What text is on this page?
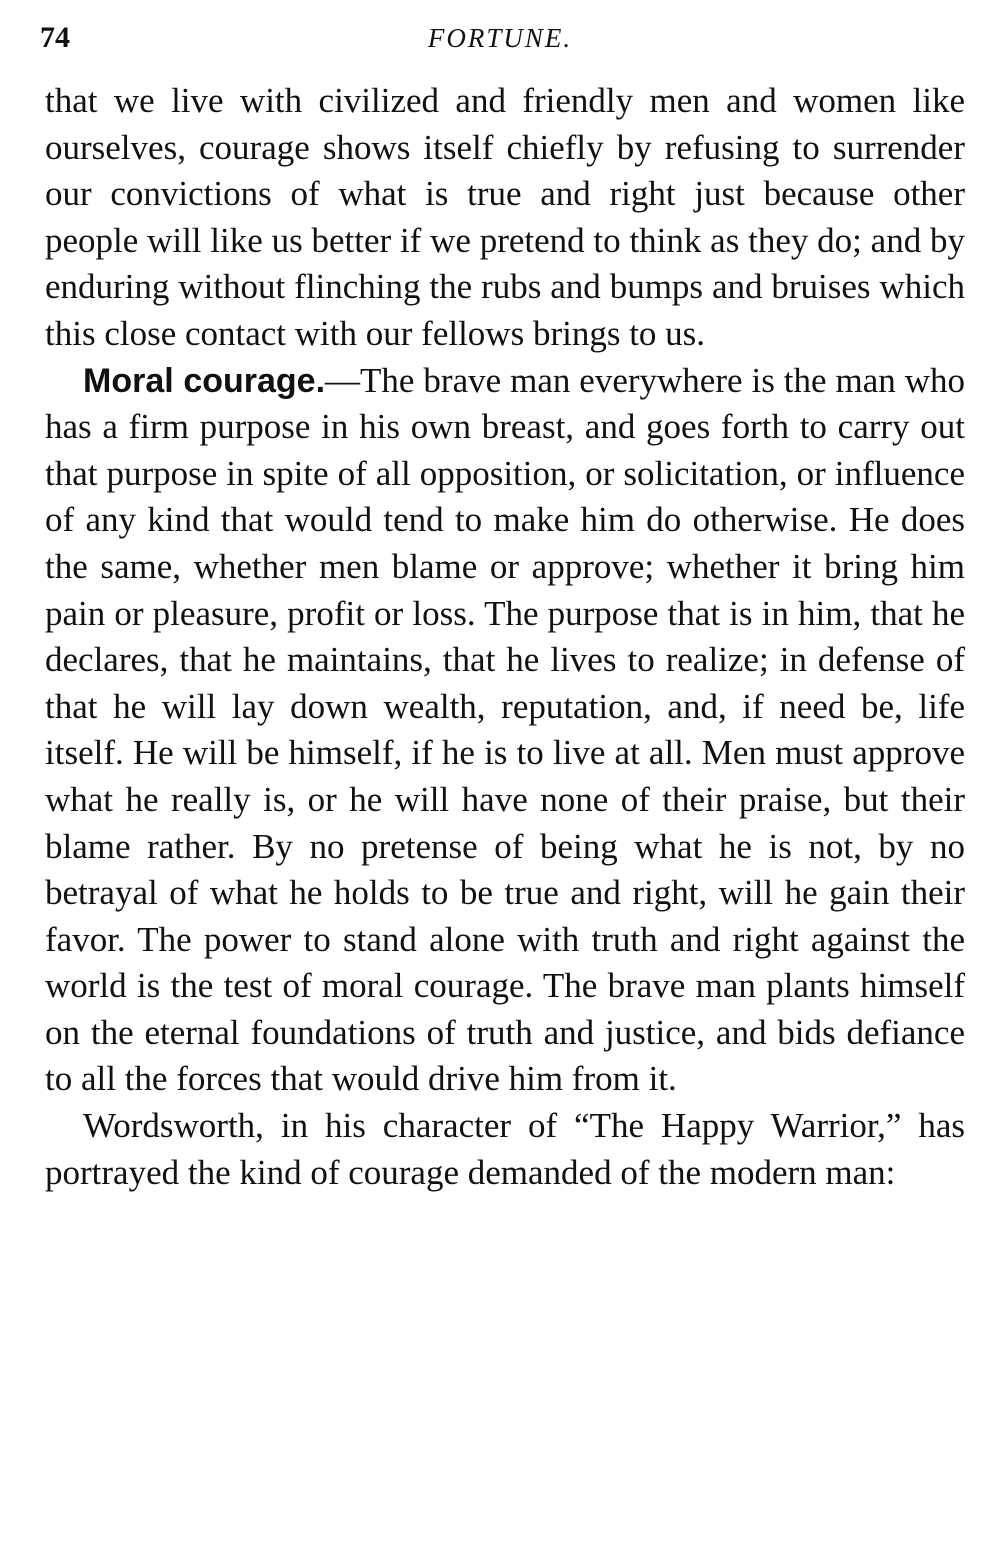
74	FORTUNE.

that we live with civilized and friendly men and women like ourselves, courage shows itself chiefly by refusing to surrender our convictions of what is true and right just because other people will like us better if we pretend to think as they do; and by enduring without flinching the rubs and bumps and bruises which this close contact with our fellows brings to us.

Moral courage.—The brave man everywhere is the man who has a firm purpose in his own breast, and goes forth to carry out that purpose in spite of all opposition, or solicitation, or influence of any kind that would tend to make him do otherwise. He does the same, whether men blame or approve; whether it bring him pain or pleasure, profit or loss. The purpose that is in him, that he declares, that he maintains, that he lives to realize; in defense of that he will lay down wealth, reputation, and, if need be, life itself. He will be himself, if he is to live at all. Men must approve what he really is, or he will have none of their praise, but their blame rather. By no pretense of being what he is not, by no betrayal of what he holds to be true and right, will he gain their favor. The power to stand alone with truth and right against the world is the test of moral courage. The brave man plants himself on the eternal foundations of truth and justice, and bids defiance to all the forces that would drive him from it.

Wordsworth, in his character of “The Happy Warrior,” has portrayed the kind of courage demanded of the modern man:
